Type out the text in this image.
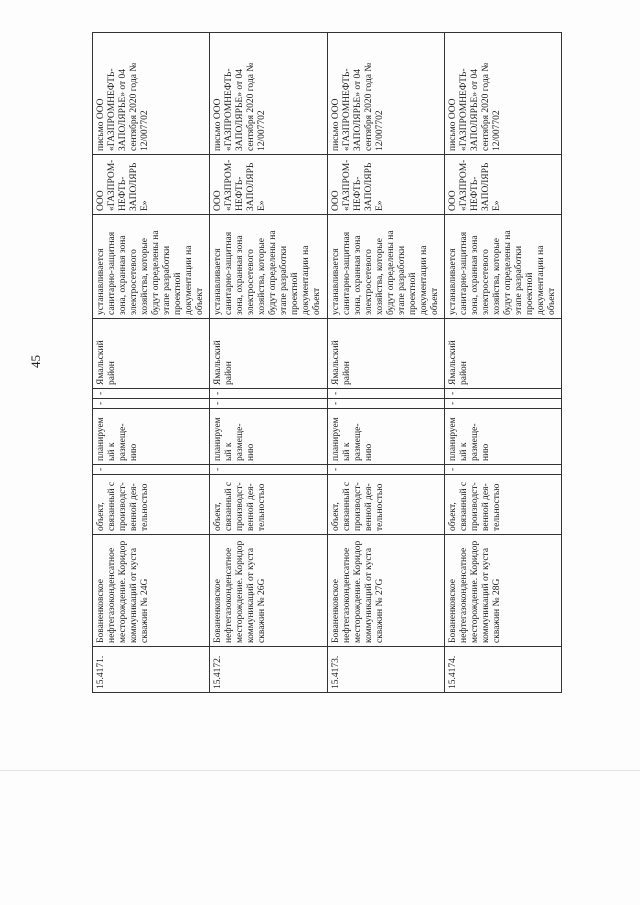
45
15.4171.	Бованенковское нефтегазоконденсатное месторождение. Коридор коммуникаций от куста скважин № 24G	объект, связанный с производст-венной дея-тельностью	-	планируемый к размеще-нию	-	-	Ямальский район	устанавливается санитарно-защитная зона, охранная зона электросетевого хозяйства, которые будут определены на этапе разработки проектной документации на объект	ООО «ГАЗПРОМ-НЕФТЬ-ЗАПОЛЯРЬЕ»	письмо ООО «ГАЗПРОМНЕФТЬ-ЗАПОЛЯРЬЕ» от 04 сентября 2020 года № 12/007702
15.4172.	Бованенковское нефтегазоконденсатное месторождение. Коридор коммуникаций от куста скважин № 26G	объект, связанный с производст-венной дея-тельностью	-	планируемый к размеще-нию	-	-	Ямальский район	устанавливается санитарно-защитная зона, охранная зона электросетевого хозяйства, которые будут определены на этапе разработки проектной документации на объект	ООО «ГАЗПРОМ-НЕФТЬ-ЗАПОЛЯРЬЕ»	письмо ООО «ГАЗПРОМНЕФТЬ-ЗАПОЛЯРЬЕ» от 04 сентября 2020 года № 12/007702
15.4173.	Бованенковское нефтегазоконденсатное месторождение. Коридор коммуникаций от куста скважин № 27G	объект, связанный с производст-венной дея-тельностью	-	планируемый к размеще-нию	-	-	Ямальский район	устанавливается санитарно-защитная зона, охранная зона электросетевого хозяйства, которые будут определены на этапе разработки проектной документации на объект	ООО «ГАЗПРОМ-НЕФТЬ-ЗАПОЛЯРЬЕ»	письмо ООО «ГАЗПРОМНЕФТЬ-ЗАПОЛЯРЬЕ» от 04 сентября 2020 года № 12/007702
15.4174.	Бованенковское нефтегазоконденсатное месторождение. Коридор коммуникаций от куста скважин № 28G	объект, связанный с производст-венной дея-тельностью	-	планируемый к размеще-нию	-	-	Ямальский район	устанавливается санитарно-защитная зона, охранная зона электросетевого хозяйства, которые будут определены на этапе разработки проектной документации на объект	ООО «ГАЗПРОМ-НЕФТЬ-ЗАПОЛЯРЬЕ»	письмо ООО «ГАЗПРОМНЕФТЬ-ЗАПОЛЯРЬЕ» от 04 сентября 2020 года № 12/007702
